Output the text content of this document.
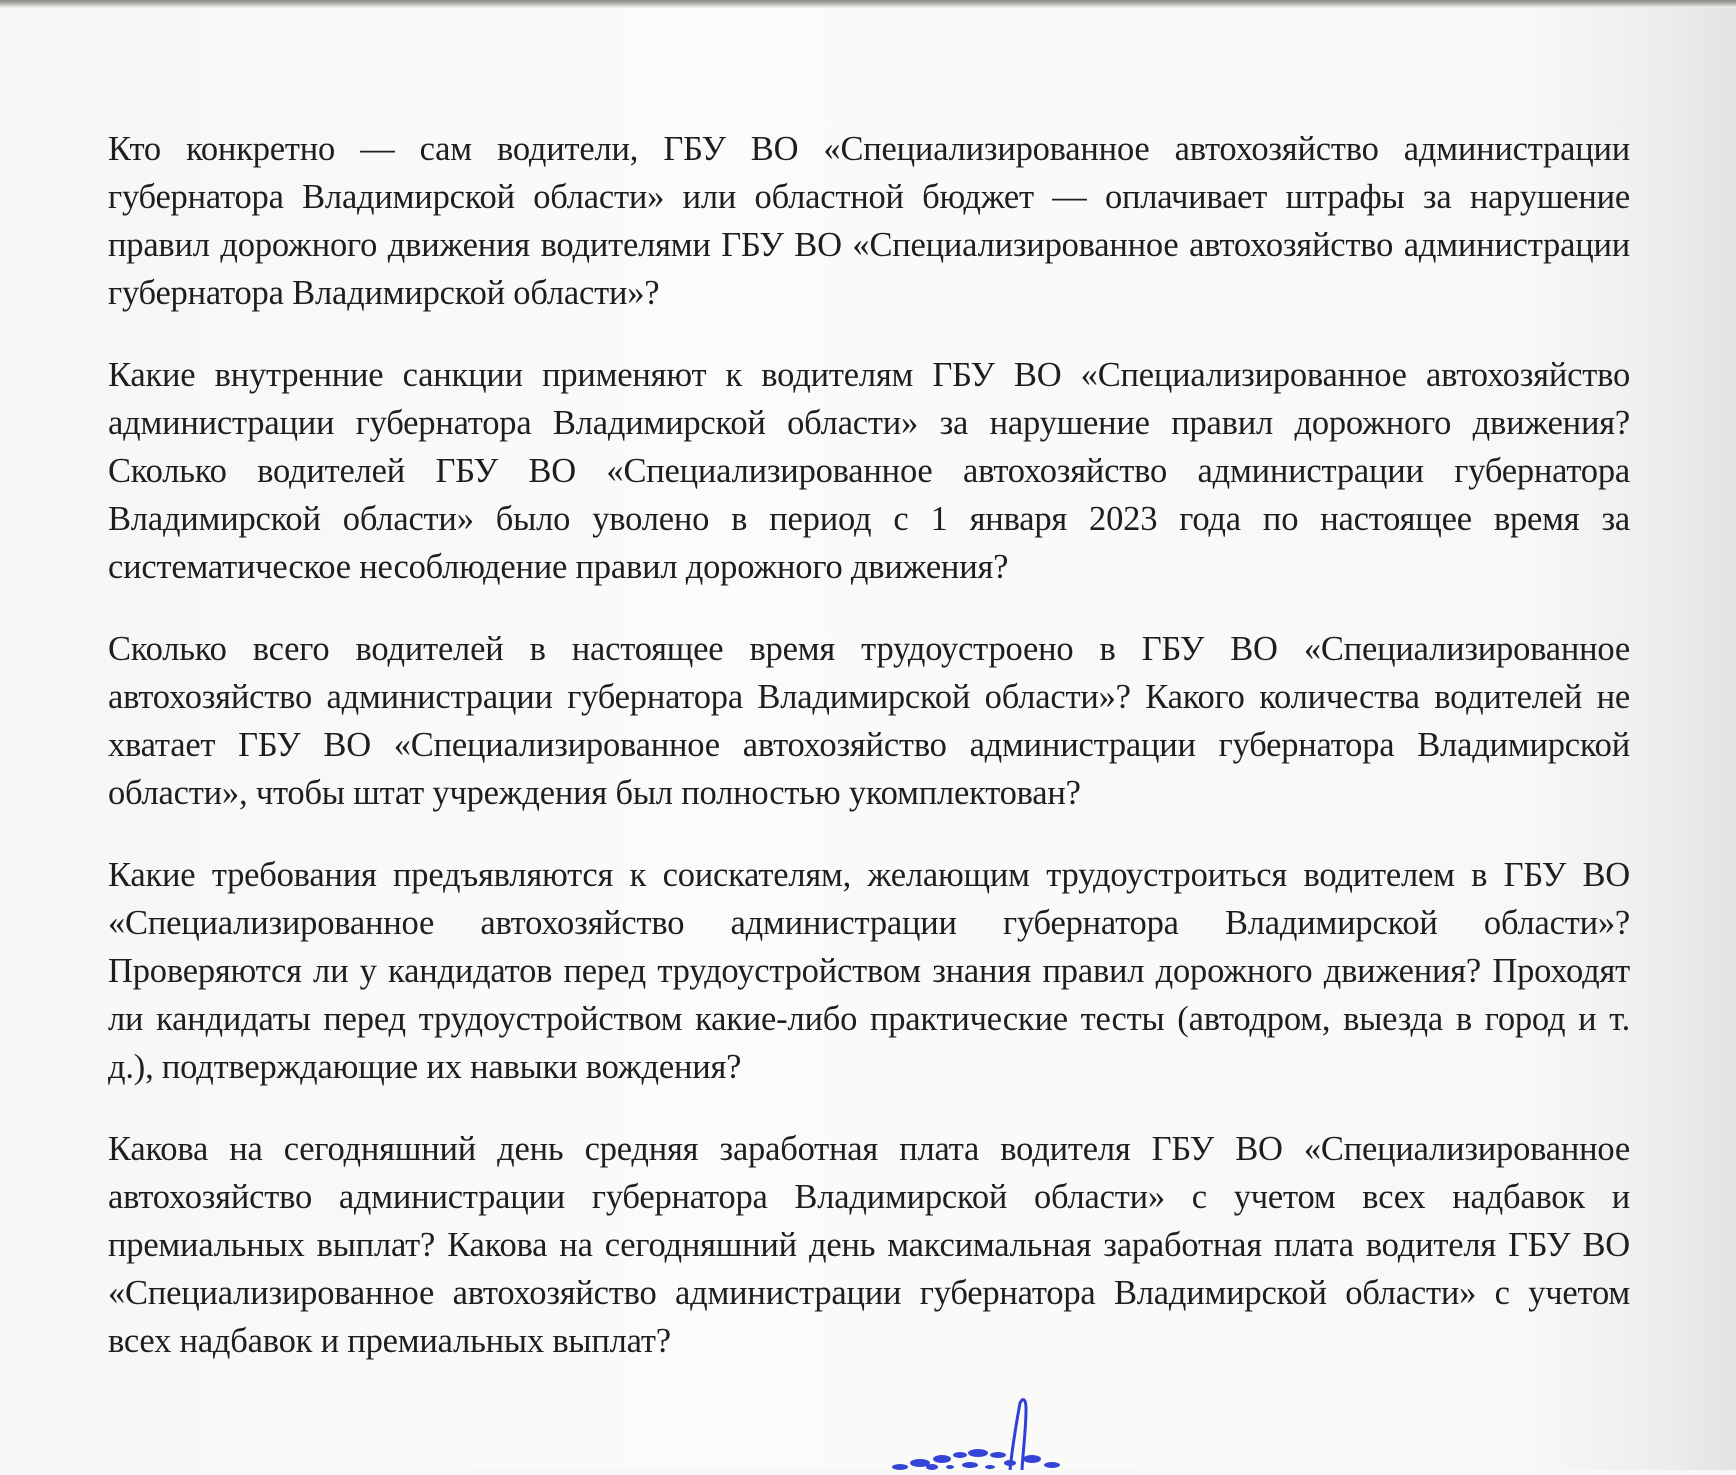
Кто конкретно — сам водители, ГБУ ВО «Специализированное автохозяйство администрации губернатора Владимирской области» или областной бюджет — оплачивает штрафы за нарушение правил дорожного движения водителями ГБУ ВО «Специализированное автохозяйство администрации губернатора Владимирской области»?

Какие внутренние санкции применяют к водителям ГБУ ВО «Специализированное автохозяйство администрации губернатора Владимирской области» за нарушение правил дорожного движения? Сколько водителей ГБУ ВО «Специализированное автохозяйство администрации губернатора Владимирской области» было уволено в период с 1 января 2023 года по настоящее время за систематическое несоблюдение правил дорожного движения?

Сколько всего водителей в настоящее время трудоустроено в ГБУ ВО «Специализированное автохозяйство администрации губернатора Владимирской области»? Какого количества водителей не хватает ГБУ ВО «Специализированное автохозяйство администрации губернатора Владимирской области», чтобы штат учреждения был полностью укомплектован?

Какие требования предъявляются к соискателям, желающим трудоустроиться водителем в ГБУ ВО «Специализированное автохозяйство администрации губернатора Владимирской области»? Проверяются ли у кандидатов перед трудоустройством знания правил дорожного движения? Проходят ли кандидаты перед трудоустройством какие-либо практические тесты (автодром, выезда в город и т. д.), подтверждающие их навыки вождения?

Какова на сегодняшний день средняя заработная плата водителя ГБУ ВО «Специализированное автохозяйство администрации губернатора Владимирской области» с учетом всех надбавок и премиальных выплат? Какова на сегодняшний день максимальная заработная плата водителя ГБУ ВО «Специализированное автохозяйство администрации губернатора Владимирской области» с учетом всех надбавок и премиальных выплат?
